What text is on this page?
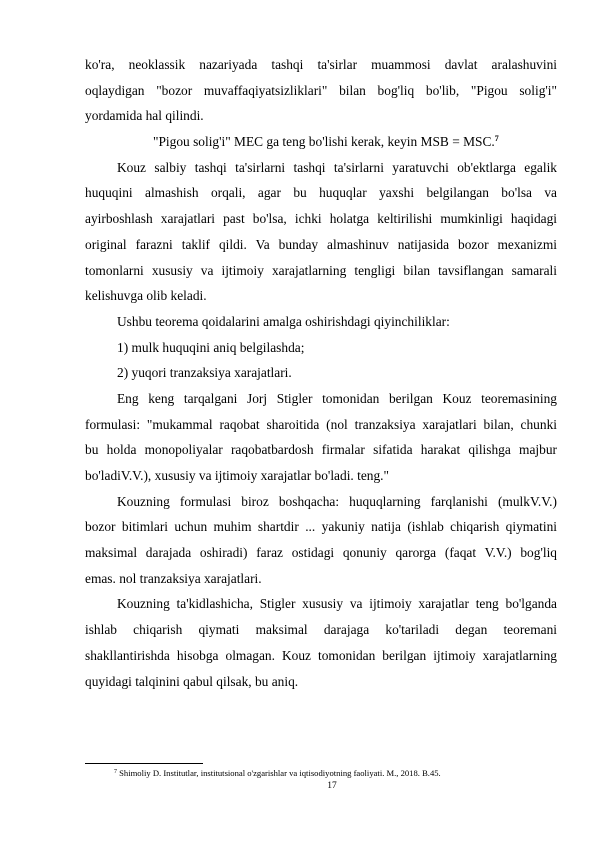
ko'ra, neoklassik nazariyada tashqi ta'sirlar muammosi davlat aralashuvini
oqlaydigan "bozor muvaffaqiyatsizliklari" bilan bog'liq bo'lib, "Pigou solig'i"
yordamida hal qilindi.
"Pigou solig'i" MEC ga teng bo'lishi kerak, keyin MSB = MSC.$^7$
Kouz salbiy tashqi ta'sirlarni tashqi ta'sirlarni yaratuvchi ob'ektlarga egalik
huquqini almashish orqali, agar bu huquqlar yaxshi belgilangan bo'lsa va
ayirboshlash xarajatlari past bo'lsa, ichki holatga keltirilishi mumkinligi haqidagi
original farazni taklif qildi. Va bunday almashinuv natijasida bozor mexanizmi
tomonlarni xususiy va ijtimoiy xarajatlarning tengligi bilan tavsiflangan samarali
kelishuvga olib keladi.
Ushbu teorema qoidalarini amalga oshirishdagi qiyinchiliklar:
1) mulk huquqini aniq belgilashda;
2) yuqori tranzaksiya xarajatlari.
Eng keng tarqalgani Jorj Stigler tomonidan berilgan Kouz teoremasining
formulasi: "mukammal raqobat sharoitida (nol tranzaksiya xarajatlari bilan, chunki
bu holda monopoliyalar raqobatbardosh firmalar sifatida harakat qilishga majbur
bo'ladiV.V.), xususiy va ijtimoiy xarajatlar bo'ladi. teng."
Kouzning formulasi biroz boshqacha: huquqlarning farqlanishi (mulkV.V.)
bozor bitimlari uchun muhim shartdir ... yakuniy natija (ishlab chiqarish qiymatini
maksimal darajada oshiradi) faraz ostidagi qonuniy qarorga (faqat V.V.) bog'liq
emas. nol tranzaksiya xarajatlari.
Kouzning ta'kidlashicha, Stigler xususiy va ijtimoiy xarajatlar teng bo'lganda
ishlab chiqarish qiymati maksimal darajaga ko'tariladi degan teoremani
shakllantirishda hisobga olmagan. Kouz tomonidan berilgan ijtimoiy xarajatlarning
quyidagi talqinini qabul qilsak, bu aniq.
$^7$ Shimoliy D. Institutlar, institutsional o'zgarishlar va iqtisodiyotning faoliyati. M., 2018. B.45.
17
